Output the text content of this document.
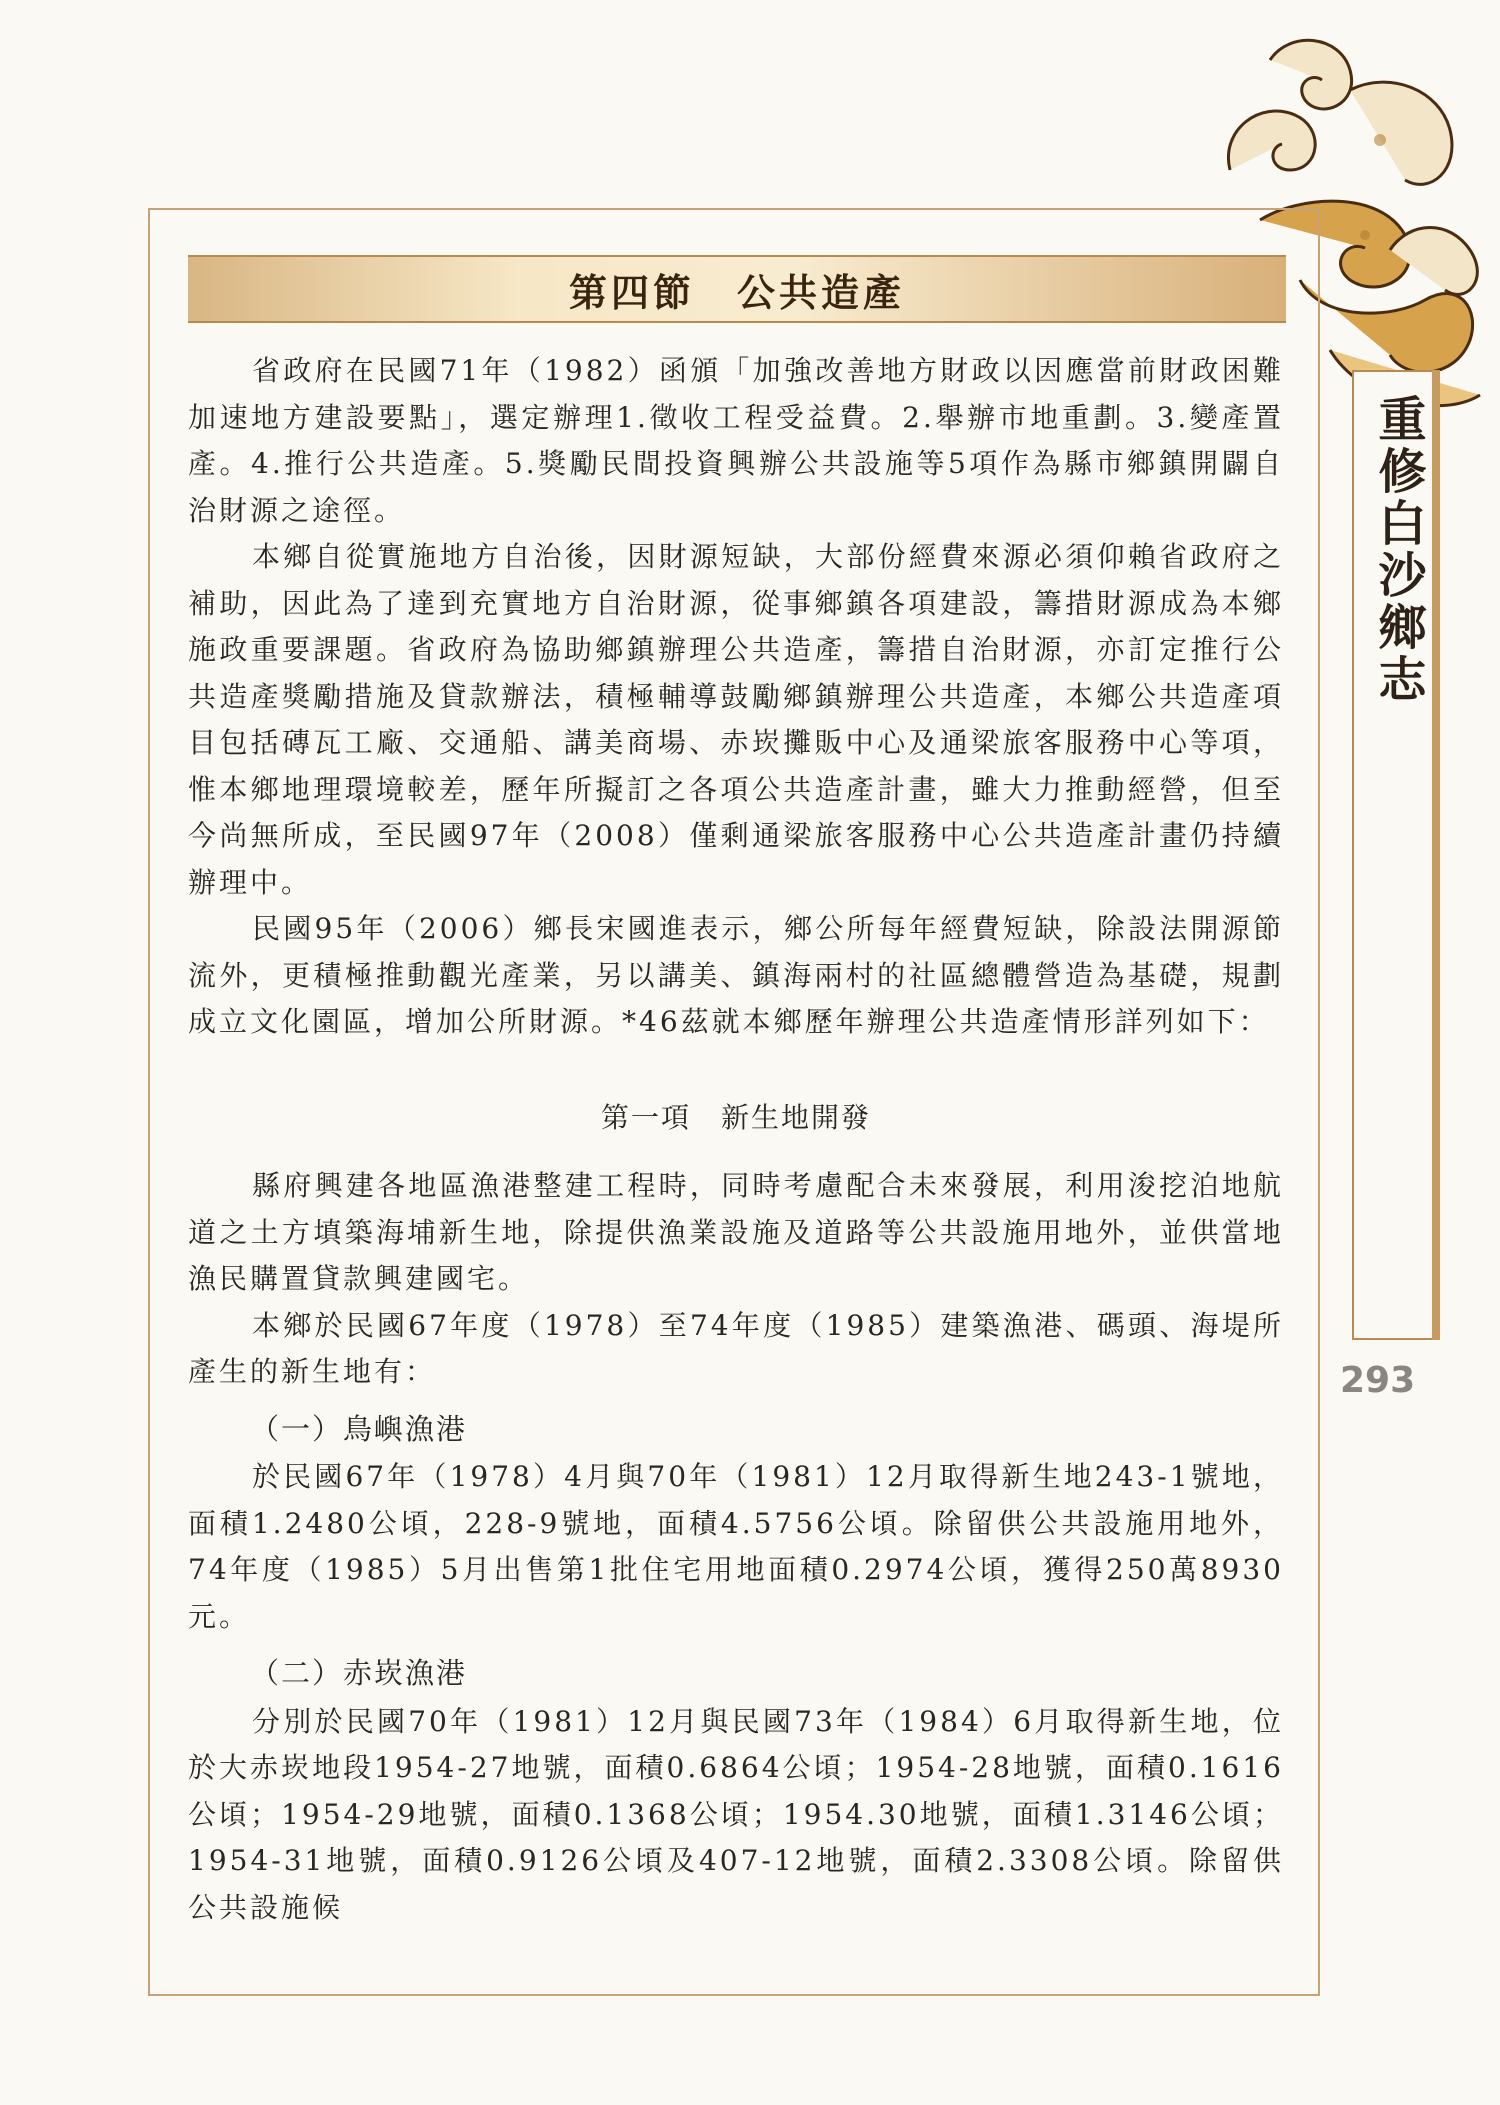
第四節　公共造產

省政府在民國71年（1982）函頒「加強改善地方財政以因應當前財政困難加速地方建設要點」，選定辦理1.徵收工程受益費。2.舉辦市地重劃。3.變產置產。4.推行公共造產。5.獎勵民間投資興辦公共設施等5項作為縣市鄉鎮開闢自治財源之途徑。

本鄉自從實施地方自治後，因財源短缺，大部份經費來源必須仰賴省政府之補助，因此為了達到充實地方自治財源，從事鄉鎮各項建設，籌措財源成為本鄉施政重要課題。省政府為協助鄉鎮辦理公共造產，籌措自治財源，亦訂定推行公共造產獎勵措施及貸款辦法，積極輔導鼓勵鄉鎮辦理公共造產，本鄉公共造產項目包括磚瓦工廠、交通船、講美商場、赤崁攤販中心及通梁旅客服務中心等項，惟本鄉地理環境較差，歷年所擬訂之各項公共造產計畫，雖大力推動經營，但至今尚無所成，至民國97年（2008）僅剩通梁旅客服務中心公共造產計畫仍持續辦理中。

民國95年（2006）鄉長宋國進表示，鄉公所每年經費短缺，除設法開源節流外，更積極推動觀光產業，另以講美、鎮海兩村的社區總體營造為基礎，規劃成立文化園區，增加公所財源。*46茲就本鄉歷年辦理公共造產情形詳列如下：

第一項　新生地開發

縣府興建各地區漁港整建工程時，同時考慮配合未來發展，利用浚挖泊地航道之土方填築海埔新生地，除提供漁業設施及道路等公共設施用地外，並供當地漁民購置貸款興建國宅。

本鄉於民國67年度（1978）至74年度（1985）建築漁港、碼頭、海堤所產生的新生地有：

（一）鳥嶼漁港

於民國67年（1978）4月與70年（1981）12月取得新生地243-1號地，面積1.2480公頃，228-9號地，面積4.5756公頃。除留供公共設施用地外，74年度（1985）5月出售第1批住宅用地面積0.2974公頃，獲得250萬8930元。

（二）赤崁漁港

分別於民國70年（1981）12月與民國73年（1984）6月取得新生地，位於大赤崁地段1954-27地號，面積0.6864公頃；1954-28地號，面積0.1616公頃；1954-29地號，面積0.1368公頃；1954.30地號，面積1.3146公頃；1954-31地號，面積0.9126公頃及407-12地號，面積2.3308公頃。除留供公共設施候

重修白沙鄉志
293
